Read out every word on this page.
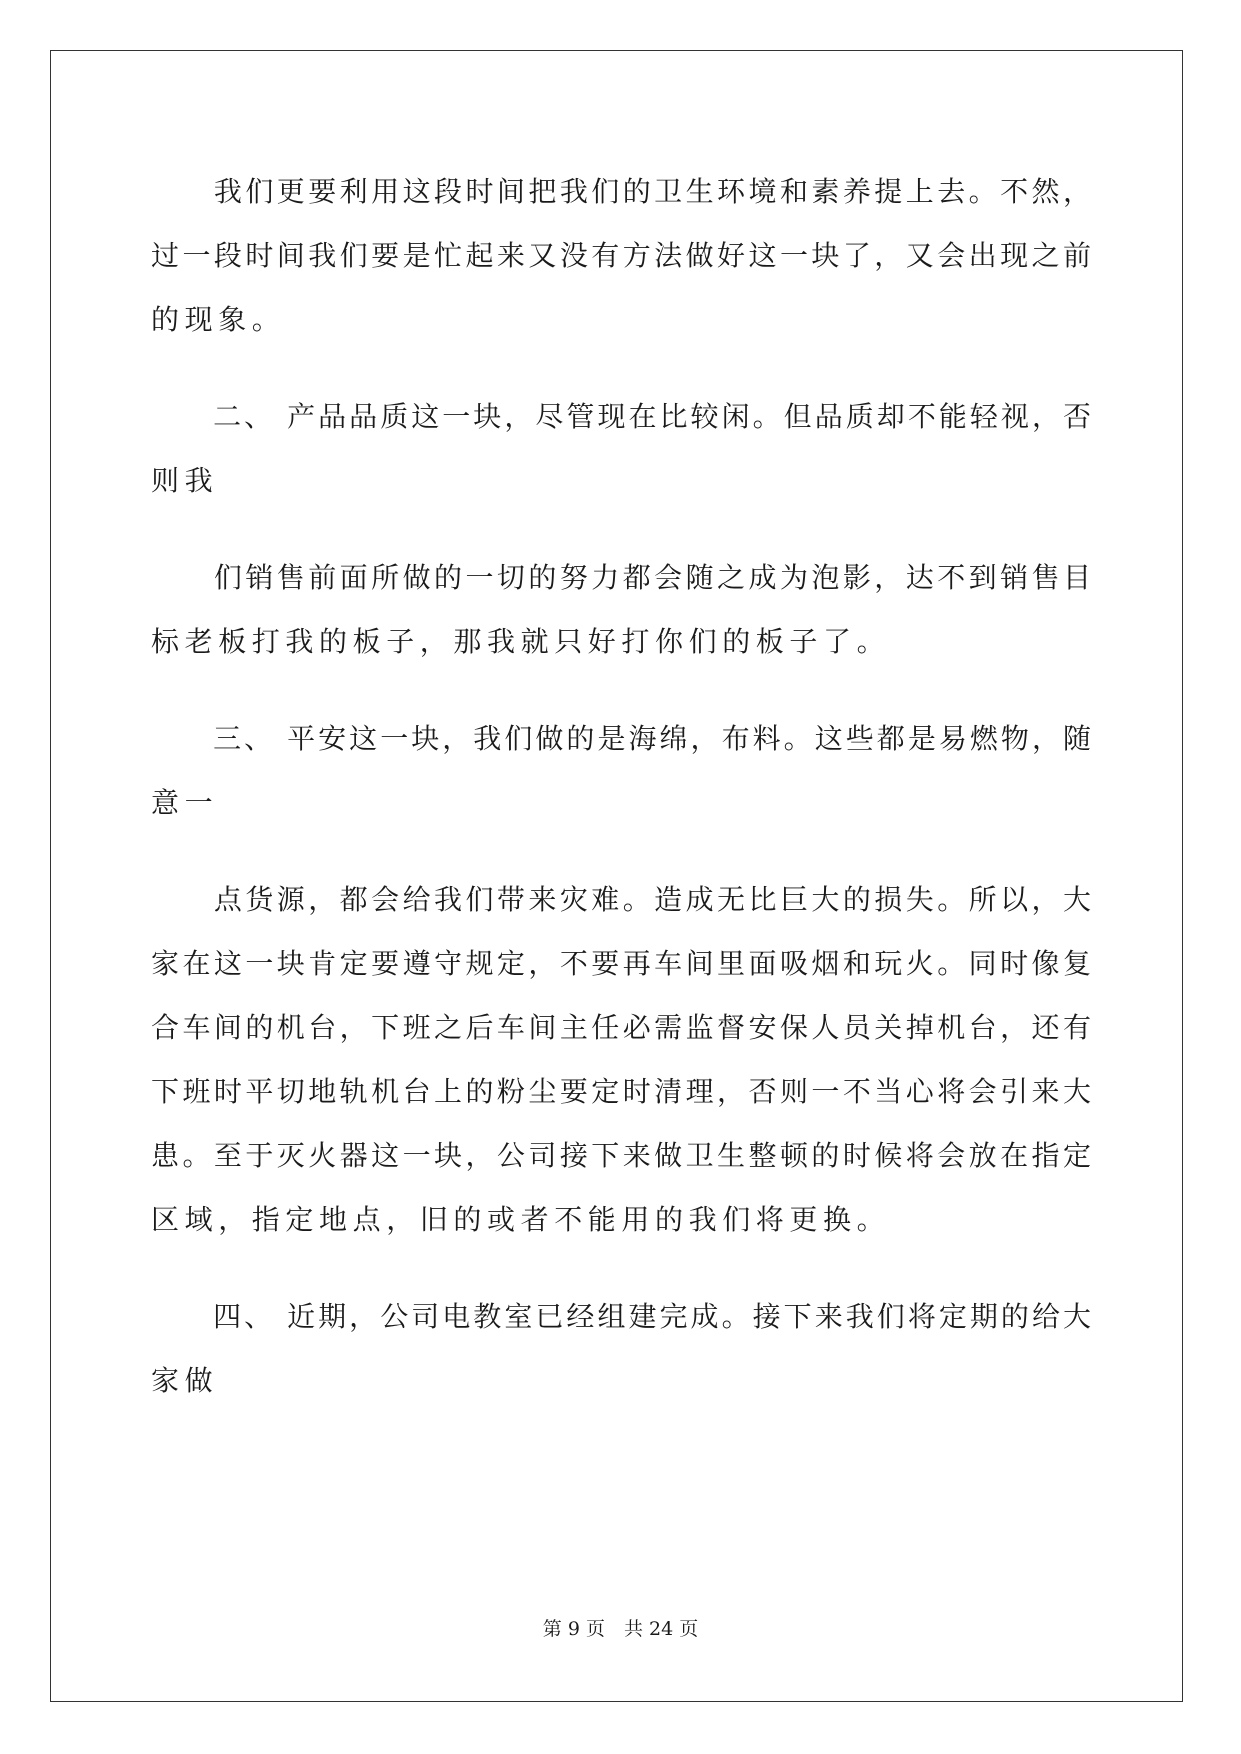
　　我们更要利用这段时间把我们的卫生环境和素养提上去。不然，
过一段时间我们要是忙起来又没有方法做好这一块了，又会出现之前
的现象。
　　二、 产品品质这一块，尽管现在比较闲。但品质却不能轻视，否
则我
　　们销售前面所做的一切的努力都会随之成为泡影，达不到销售目
标老板打我的板子，那我就只好打你们的板子了。
　　三、 平安这一块，我们做的是海绵，布料。这些都是易燃物，随
意一
　　点货源，都会给我们带来灾难。造成无比巨大的损失。所以，大
家在这一块肯定要遵守规定，不要再车间里面吸烟和玩火。同时像复
合车间的机台，下班之后车间主任必需监督安保人员关掉机台，还有
下班时平切地轨机台上的粉尘要定时清理，否则一不当心将会引来大
患。至于灭火器这一块，公司接下来做卫生整顿的时候将会放在指定
区域，指定地点，旧的或者不能用的我们将更换。
　　四、 近期，公司电教室已经组建完成。接下来我们将定期的给大
家做
第 9 页　共 24 页
